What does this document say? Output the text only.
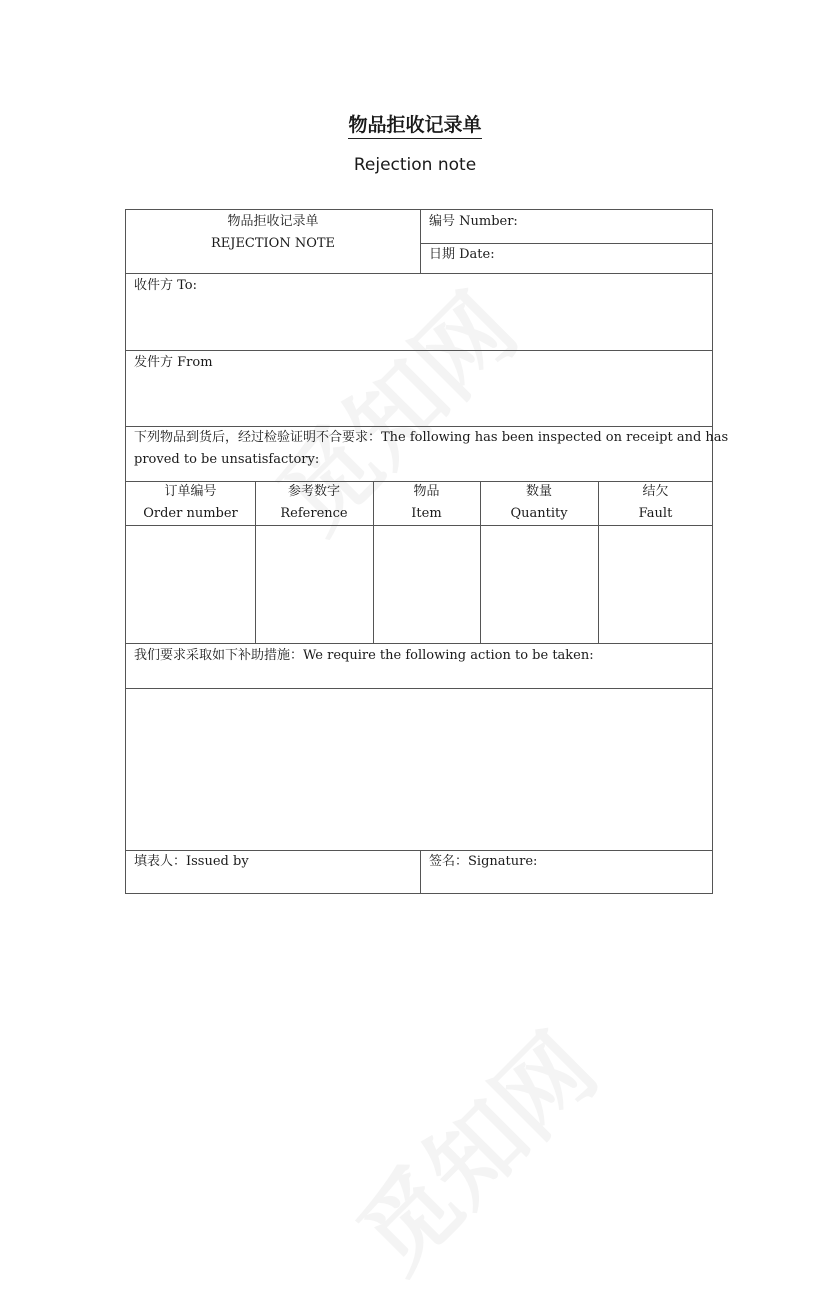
物品拒收记录单
Rejection note
物品拒收记录单
REJECTION NOTE
编号 Number:
日期 Date:
收件方 To:
发件方 From
下列物品到货后，经过检验证明不合要求：The following has been inspected on receipt and has
proved to be unsatisfactory:
订单编号
Order number
参考数字
Reference
物品
Item
数量
Quantity
结欠
Fault
我们要求采取如下补助措施：We require the following action to be taken:
填表人：Issued by	签名：Signature:
